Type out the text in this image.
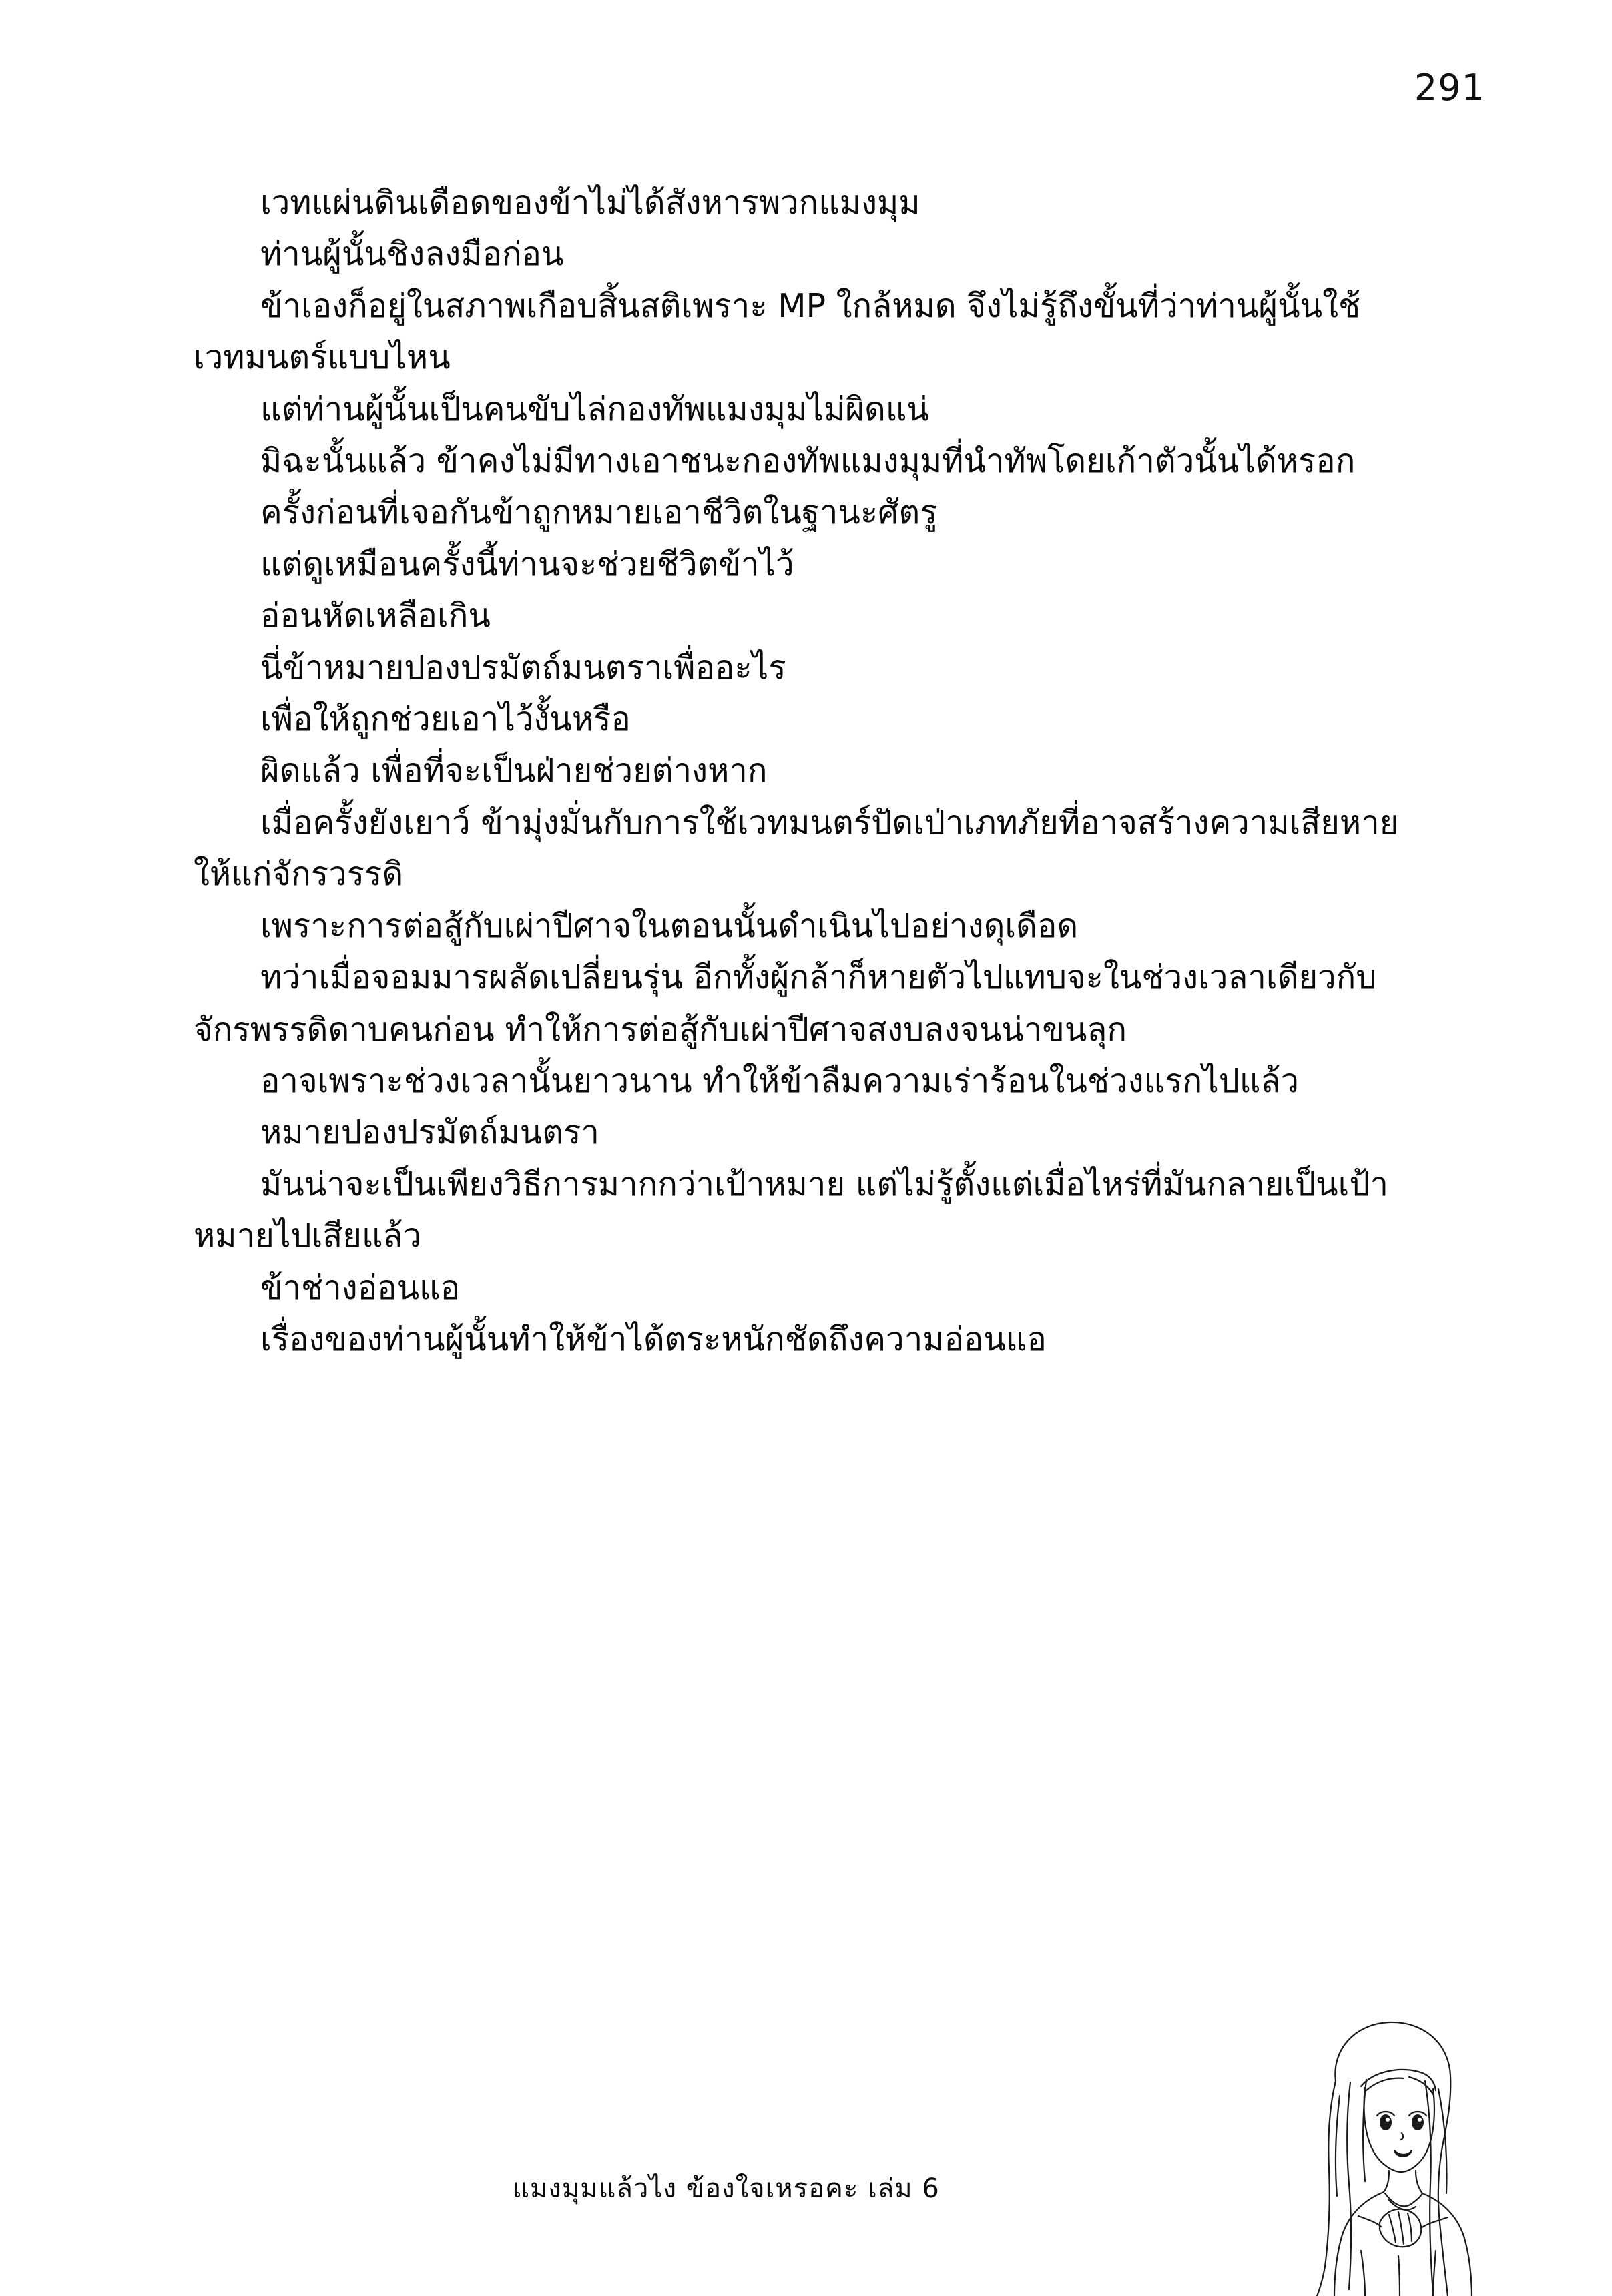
291

เวทแผ่นดินเดือดของข้าไม่ได้สังหารพวกแมงมุม

ท่านผู้นั้นชิงลงมือก่อน

ข้าเองก็อยู่ในสภาพเกือบสิ้นสติเพราะ MP ใกล้หมด จึงไม่รู้ถึงขั้นที่ว่าท่านผู้นั้นใช้เวทมนตร์แบบไหน

แต่ท่านผู้นั้นเป็นคนขับไล่กองทัพแมงมุมไม่ผิดแน่

มิฉะนั้นแล้ว ข้าคงไม่มีทางเอาชนะกองทัพแมงมุมที่นำทัพโดยเก้าตัวนั้นได้หรอก

ครั้งก่อนที่เจอกันข้าถูกหมายเอาชีวิตในฐานะศัตรู

แต่ดูเหมือนครั้งนี้ท่านจะช่วยชีวิตข้าไว้

อ่อนหัดเหลือเกิน

นี่ข้าหมายปองปรมัตถ์มนตราเพื่ออะไร

เพื่อให้ถูกช่วยเอาไว้งั้นหรือ

ผิดแล้ว เพื่อที่จะเป็นฝ่ายช่วยต่างหาก

เมื่อครั้งยังเยาว์ ข้ามุ่งมั่นกับการใช้เวทมนตร์ปัดเป่าเภทภัยที่อาจสร้างความเสียหายให้แก่จักรวรรดิ

เพราะการต่อสู้กับเผ่าปีศาจในตอนนั้นดำเนินไปอย่างดุเดือด

ทว่าเมื่อจอมมารผลัดเปลี่ยนรุ่น อีกทั้งผู้กล้าก็หายตัวไปแทบจะในช่วงเวลาเดียวกับจักรพรรดิดาบคนก่อน ทำให้การต่อสู้กับเผ่าปีศาจสงบลงจนน่าขนลุก

อาจเพราะช่วงเวลานั้นยาวนาน ทำให้ข้าลืมความเร่าร้อนในช่วงแรกไปแล้ว

หมายปองปรมัตถ์มนตรา

มันน่าจะเป็นเพียงวิธีการมากกว่าเป้าหมาย แต่ไม่รู้ตั้งแต่เมื่อไหร่ที่มันกลายเป็นเป้าหมายไปเสียแล้ว

ข้าช่างอ่อนแอ

เรื่องของท่านผู้นั้นทำให้ข้าได้ตระหนักชัดถึงความอ่อนแอ

แมงมุมแล้วไง ข้องใจเหรอคะ เล่ม 6
